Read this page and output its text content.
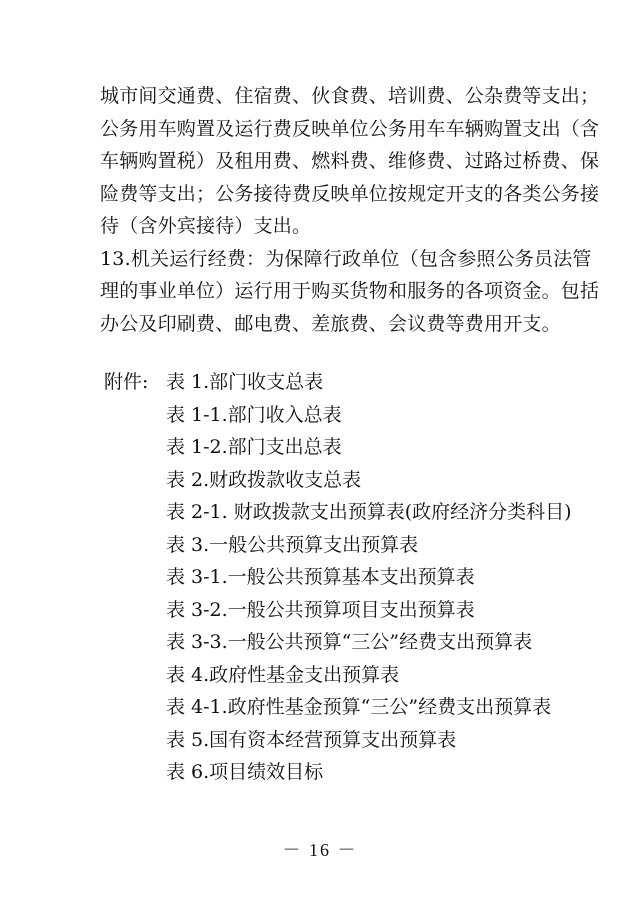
城市间交通费、住宿费、伙食费、培训费、公杂费等支出；

公务用车购置及运行费反映单位公务用车车辆购置支出（含

车辆购置税）及租用费、燃料费、维修费、过路过桥费、保

险费等支出；公务接待费反映单位按规定开支的各类公务接

待（含外宾接待）支出。

13.机关运行经费：为保障行政单位（包含参照公务员法管

理的事业单位）运行用于购买货物和服务的各项资金。包括

办公及印刷费、邮电费、差旅费、会议费等费用开支。

附件: 表 1.部门收支总表
表 1-1.部门收入总表
表 1-2.部门支出总表
表 2.财政拨款收支总表
表 2-1. 财政拨款支出预算表(政府经济分类科目)
表 3.一般公共预算支出预算表
表 3-1.一般公共预算基本支出预算表
表 3-2.一般公共预算项目支出预算表
表 3-3.一般公共预算“三公”经费支出预算表
表 4.政府性基金支出预算表
表 4-1.政府性基金预算“三公”经费支出预算表
表 5.国有资本经营预算支出预算表
表 6.项目绩效目标
－ 16 －
